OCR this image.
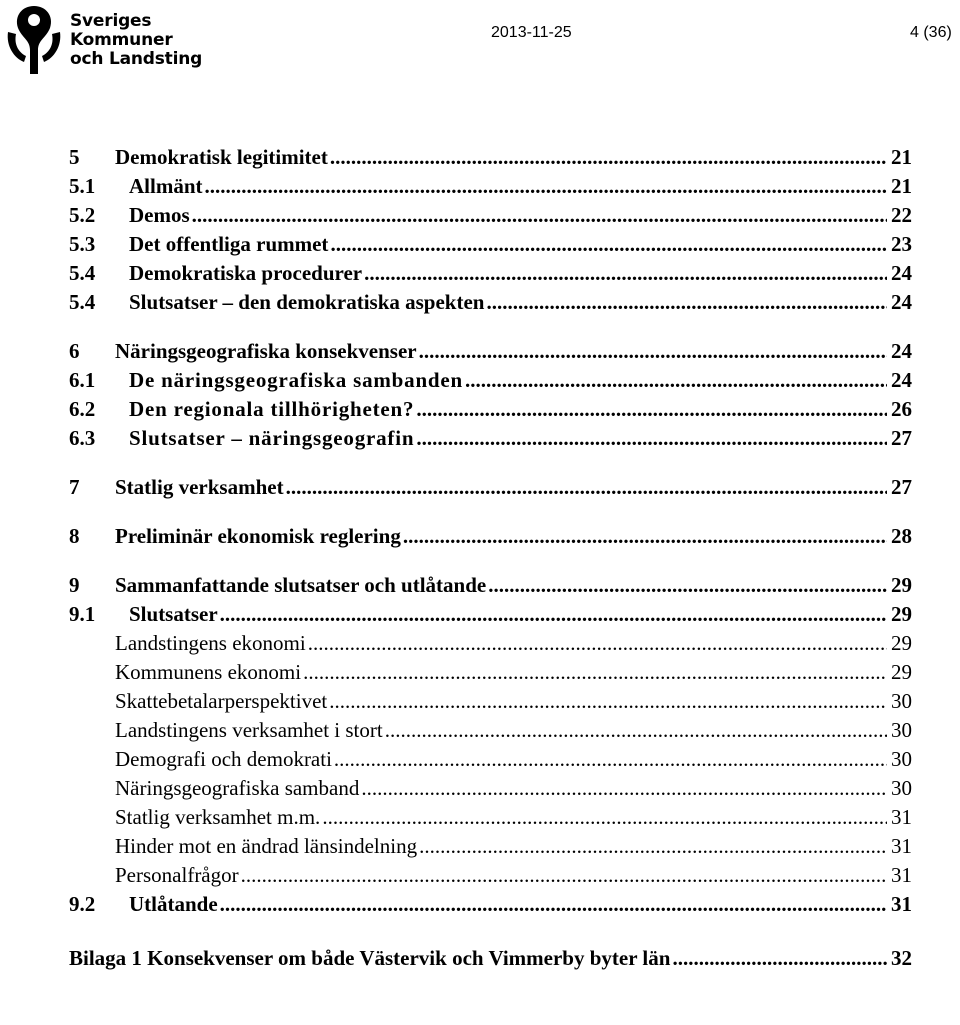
Sveriges
Kommuner
och Landsting
2013-11-25	4 (36)
5 Demokratisk legitimitet .....	21
5.1 Allmänt .....	21
5.2 Demos .....	22
5.3 Det offentliga rummet .....	23
5.4 Demokratiska procedurer .....	24
5.4 Slutsatser – den demokratiska aspekten .....	24
6 Näringsgeografiska konsekvenser .....	24
6.1 De näringsgeografiska sambanden .....	24
6.2 Den regionala tillhörigheten? .....	26
6.3 Slutsatser – näringsgeografin .....	27
7 Statlig verksamhet .....	27
8 Preliminär ekonomisk reglering .....	28
9 Sammanfattande slutsatser och utlåtande .....	29
9.1 Slutsatser .....	29
Landstingens ekonomi .....	29
Kommunens ekonomi .....	29
Skattebetalarperspektivet .....	30
Landstingens verksamhet i stort .....	30
Demografi och demokrati .....	30
Näringsgeografiska samband .....	30
Statlig verksamhet m.m. .....	31
Hinder mot en ändrad länsindelning .....	31
Personalfrågor .....	31
9.2 Utlåtande .....	31
Bilaga 1 Konsekvenser om både Västervik och Vimmerby byter län .....	32
